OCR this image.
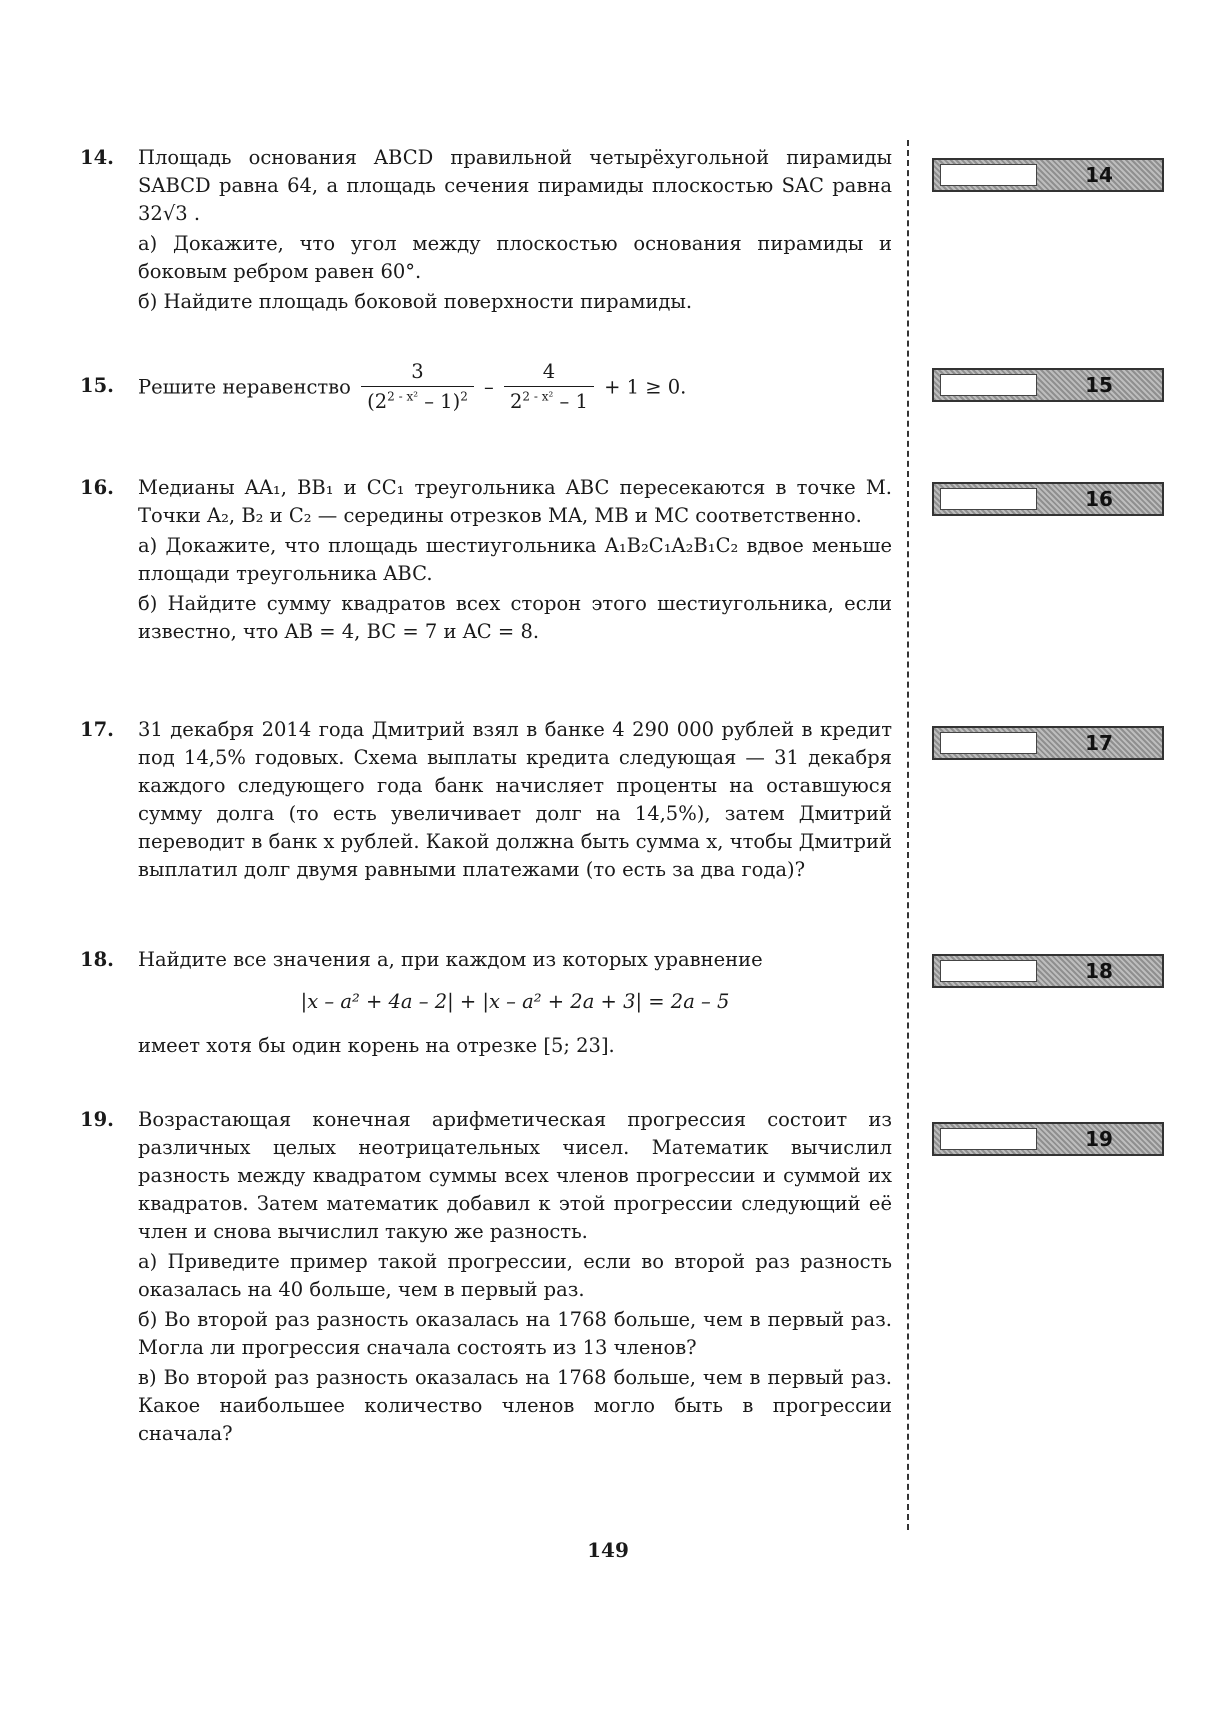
14. Площадь основания ABCD правильной четырёхугольной пирамиды SABCD равна 64, а площадь сечения пирамиды плоскостью SAC равна 32√3 .

а) Докажите, что угол между плоскостью основания пирамиды и боковым ребром равен 60°.

б) Найдите площадь боковой поверхности пирамиды.

15. Решите неравенство $\frac{3}{(2^{2 - x^2} - 1)^2} - \frac{4}{2^{2 - x^2} - 1} + 1 \ge 0$.
16. Медианы AA₁, BB₁ и CC₁ треугольника ABC пересекаются в точке M. Точки A₂, B₂ и C₂ — середины отрезков MA, MB и MC соответственно.

а) Докажите, что площадь шестиугольника A₁B₂C₁A₂B₁C₂ вдвое меньше площади треугольника ABC.

б) Найдите сумму квадратов всех сторон этого шестиугольника, если известно, что AB = 4, BC = 7 и AC = 8.

17. 31 декабря 2014 года Дмитрий взял в банке 4 290 000 рублей в кредит под 14,5% годовых. Схема выплаты кредита следующая — 31 декабря каждого следующего года банк начисляет проценты на оставшуюся сумму долга (то есть увеличивает долг на 14,5%), затем Дмитрий переводит в банк x рублей. Какой должна быть сумма x, чтобы Дмитрий выплатил долг двумя равными платежами (то есть за два года)?

18. Найдите все значения a, при каждом из которых уравнение

|x – a² + 4a – 2| + |x – a² + 2a + 3| = 2a – 5

имеет хотя бы один корень на отрезке [5; 23].

19. Возрастающая конечная арифметическая прогрессия состоит из различных целых неотрицательных чисел. Математик вычислил разность между квадратом суммы всех членов прогрессии и суммой их квадратов. Затем математик добавил к этой прогрессии следующий её член и снова вычислил такую же разность.

а) Приведите пример такой прогрессии, если во второй раз разность оказалась на 40 больше, чем в первый раз.

б) Во второй раз разность оказалась на 1768 больше, чем в первый раз. Могла ли прогрессия сначала состоять из 13 членов?

в) Во второй раз разность оказалась на 1768 больше, чем в первый раз. Какое наибольшее количество членов могло быть в прогрессии сначала?

14
15
16
17
18
19
149
